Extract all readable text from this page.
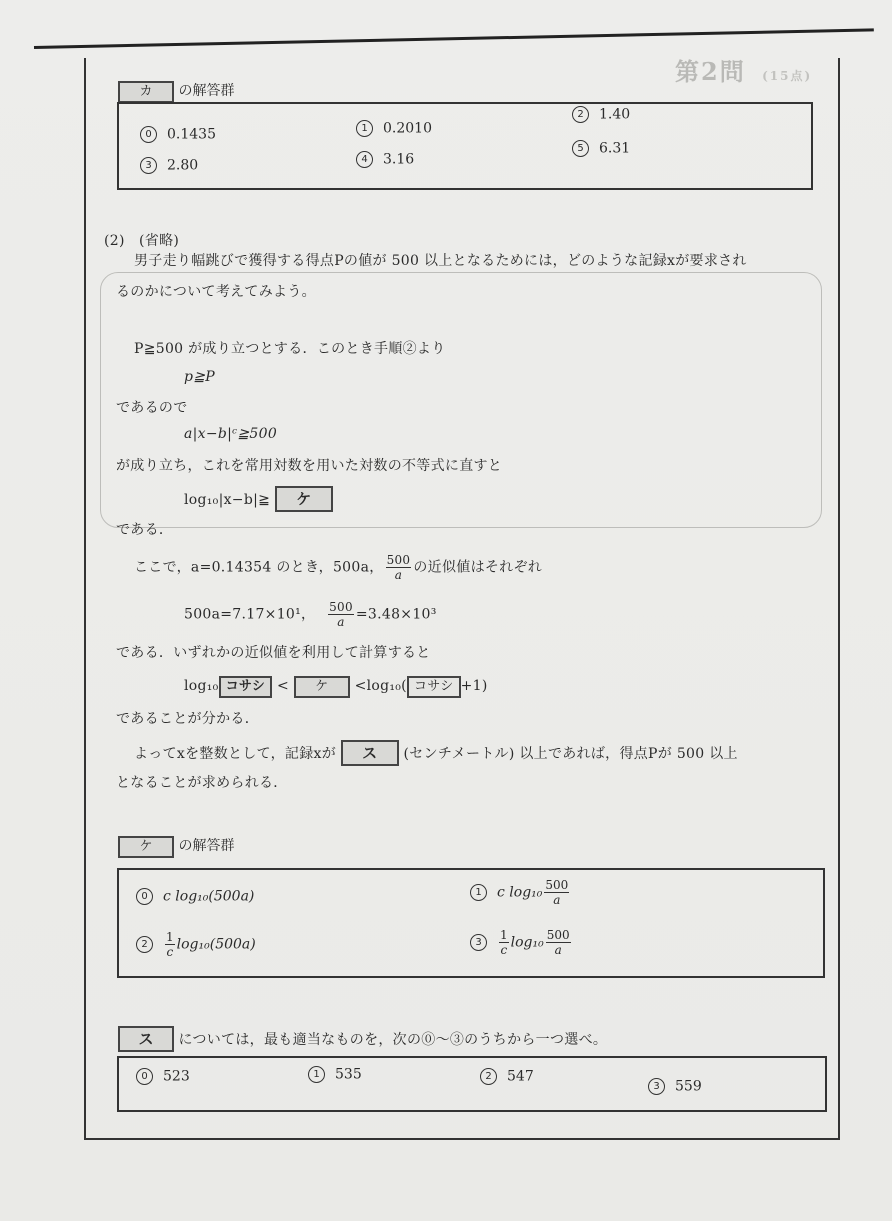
第2問 (15点)
カ の解答群
0 0.1435	1 0.2010
2 1.40
3 2.80	4 3.16
5 6.31
(2)　(省略)
男子走り幅跳びで獲得する得点Pの値が 500 以上となるためには，どのような記録xが要求され
るのかについて考えてみよう。
P≧500 が成り立つとする．このとき手順②より
p≧P
であるので
a|x−b|ᶜ≧500
が成り立ち，これを常用対数を用いた対数の不等式に直すと
log₁₀|x−b|≧ ケ
である．
ここで，a=0.14354 のとき，500a， $\frac{500}{a}$ の近似値はそれぞれ
500a=7.17×10¹， $\frac{500}{a} =3.48\times 10^3$
である．いずれかの近似値を利用して計算すると
log₁₀ コサシ < ケ <log₁₀( コサシ +1)
であることが分かる．
よってxを整数として，記録xが ス (センチメートル) 以上であれば，得点Pが 500 以上
となることが求められる．
ケ の解答群
0 c log₁₀(500a)	1 c $\log_{10} \frac{500}{a}$
$2 \frac{1}{c} \log_{10}(500a)$	$3 \frac{1}{c} \log_{10} \frac{500}{a}$
ス については，最も適当なものを，次の⓪〜③のうちから一つ選べ。
0 523	1 535	2 547
3 559
